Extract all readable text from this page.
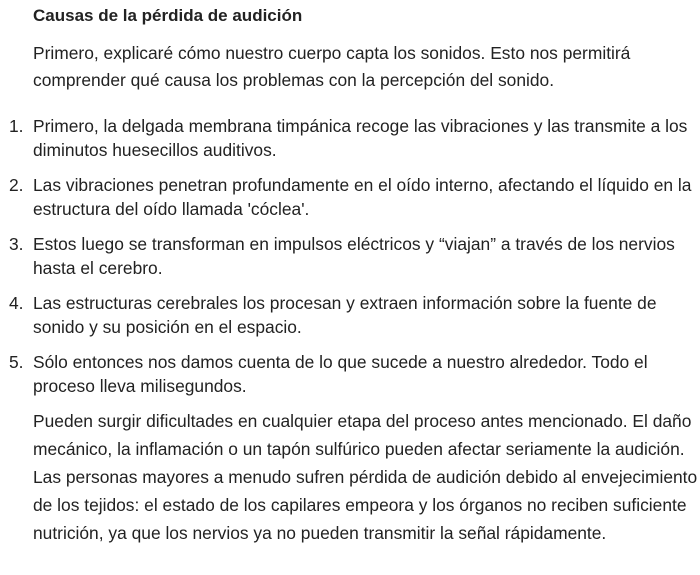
Causas de la pérdida de audición

Primero, explicaré cómo nuestro cuerpo capta los sonidos. Esto nos permitirá comprender qué causa los problemas con la percepción del sonido.

1. Primero, la delgada membrana timpánica recoge las vibraciones y las transmite a los diminutos huesecillos auditivos.
2. Las vibraciones penetran profundamente en el oído interno, afectando el líquido en la estructura del oído llamada 'cóclea'.
3. Estos luego se transforman en impulsos eléctricos y “viajan” a través de los nervios hasta el cerebro.
4. Las estructuras cerebrales los procesan y extraen información sobre la fuente de sonido y su posición en el espacio.
5. Sólo entonces nos damos cuenta de lo que sucede a nuestro alrededor. Todo el proceso lleva milisegundos.

Pueden surgir dificultades en cualquier etapa del proceso antes mencionado. El daño mecánico, la inflamación o un tapón sulfúrico pueden afectar seriamente la audición. Las personas mayores a menudo sufren pérdida de audición debido al envejecimiento de los tejidos: el estado de los capilares empeora y los órganos no reciben suficiente nutrición, ya que los nervios ya no pueden transmitir la señal rápidamente.
